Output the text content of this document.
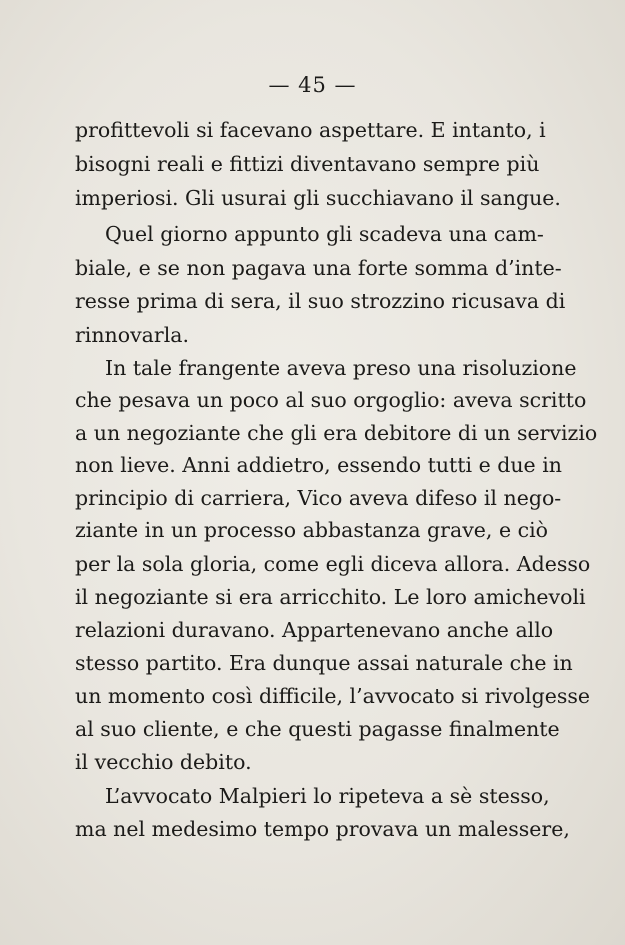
— 45 —
profittevoli si facevano aspettare. E intanto, i
bisogni reali e fittizi diventavano sempre più
imperiosi. Gli usurai gli succhiavano il sangue.
Quel giorno appunto gli scadeva una cam-
biale, e se non pagava una forte somma d’inte-
resse prima di sera, il suo strozzino ricusava di
rinnovarla.
In tale frangente aveva preso una risoluzione
che pesava un poco al suo orgoglio: aveva scritto
a un negoziante che gli era debitore di un servizio
non lieve. Anni addietro, essendo tutti e due in
principio di carriera, Vico aveva difeso il nego-
ziante in un processo abbastanza grave, e ciò
per la sola gloria, come egli diceva allora. Adesso
il negoziante si era arricchito. Le loro amichevoli
relazioni duravano. Appartenevano anche allo
stesso partito. Era dunque assai naturale che in
un momento così difficile, l’avvocato si rivolgesse
al suo cliente, e che questi pagasse finalmente
il vecchio debito.
L’avvocato Malpieri lo ripeteva a sè stesso,
ma nel medesimo tempo provava un malessere,
